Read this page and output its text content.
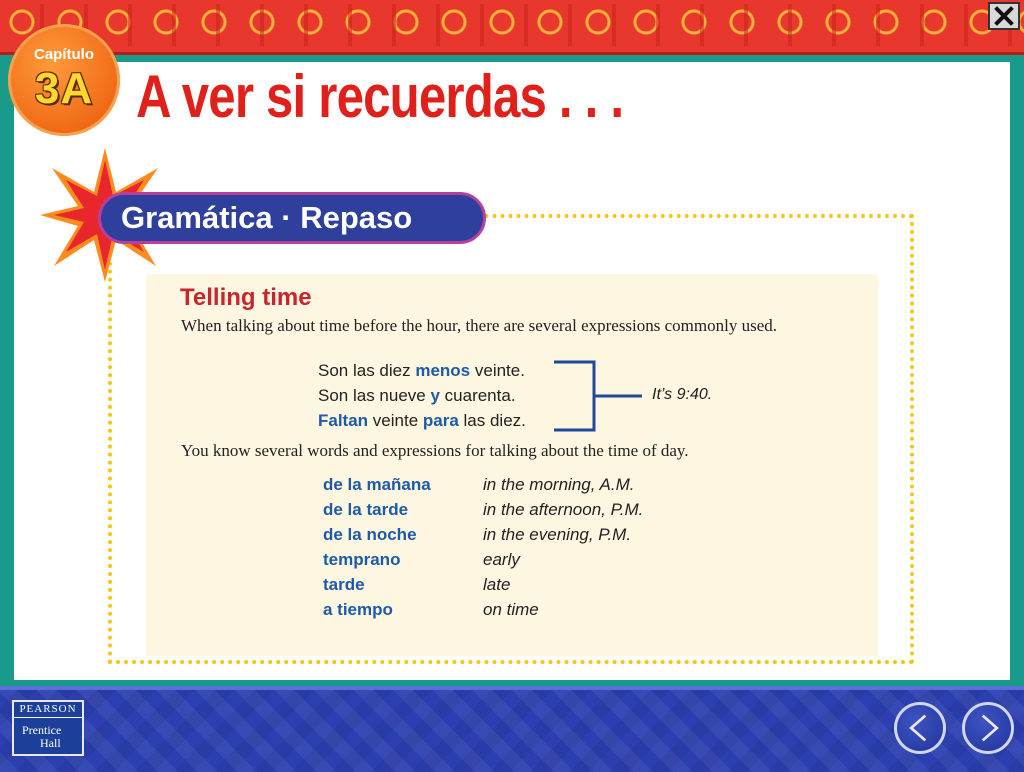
Capítulo
3A A ver si recuerdas . . .
Gramática · Repaso
Telling time
When talking about time before the hour, there are several expressions commonly used.
Son las diez menos veinte.
Son las nueve y cuarenta.
Faltan veinte para las diez.
It’s 9:40.
You know several words and expressions for talking about the time of day.
de la mañana	in the morning, A.M.
de la tarde	in the afternoon, P.M.
de la noche	in the evening, P.M.
temprano	early
tarde	late
a tiempo	on time
PEARSON
Prentice
Hall
